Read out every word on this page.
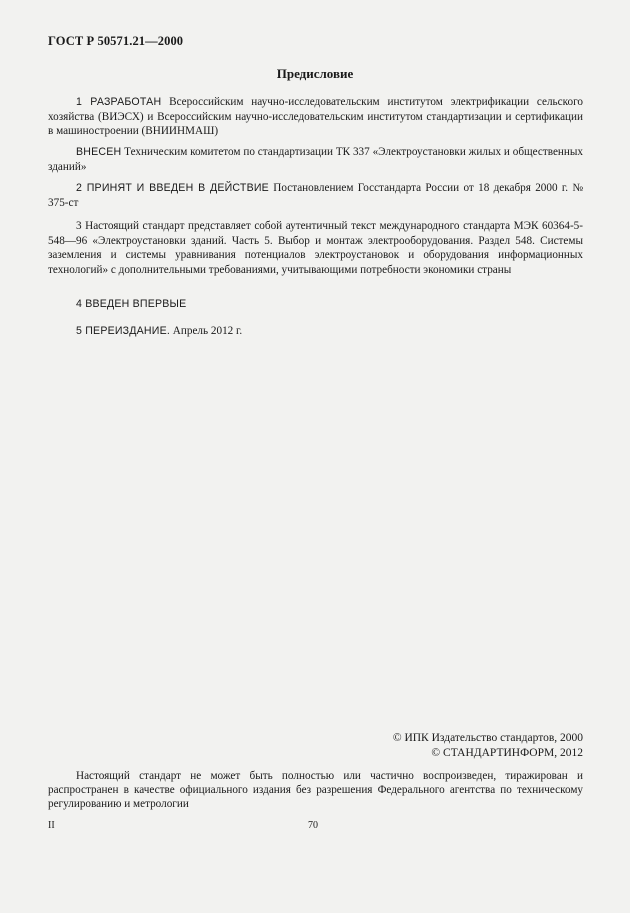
ГОСТ Р 50571.21—2000
Предисловие
1 РАЗРАБОТАН Всероссийским научно-исследовательским институтом электрификации сельского хозяйства (ВИЭСХ) и Всероссийским научно-исследовательским институтом стандартизации и сертификации в машиностроении (ВНИИНМАШ)
ВНЕСЕН Техническим комитетом по стандартизации ТК 337 «Электроустановки жилых и общественных зданий»
2 ПРИНЯТ И ВВЕДЕН В ДЕЙСТВИЕ Постановлением Госстандарта России от 18 декабря 2000 г. № 375-ст
3 Настоящий стандарт представляет собой аутентичный текст международного стандарта МЭК 60364-5-548—96 «Электроустановки зданий. Часть 5. Выбор и монтаж электрооборудования. Раздел 548. Системы заземления и системы уравнивания потенциалов электроустановок и оборудования информационных технологий» с дополнительными требованиями, учитывающими потребности экономики страны
4 ВВЕДЕН ВПЕРВЫЕ
5 ПЕРЕИЗДАНИЕ. Апрель 2012 г.
© ИПК Издательство стандартов, 2000
© СТАНДАРТИНФОРМ, 2012
Настоящий стандарт не может быть полностью или частично воспроизведен, тиражирован и распространен в качестве официального издания без разрешения Федерального агентства по техническому регулированию и метрологии
II	70
